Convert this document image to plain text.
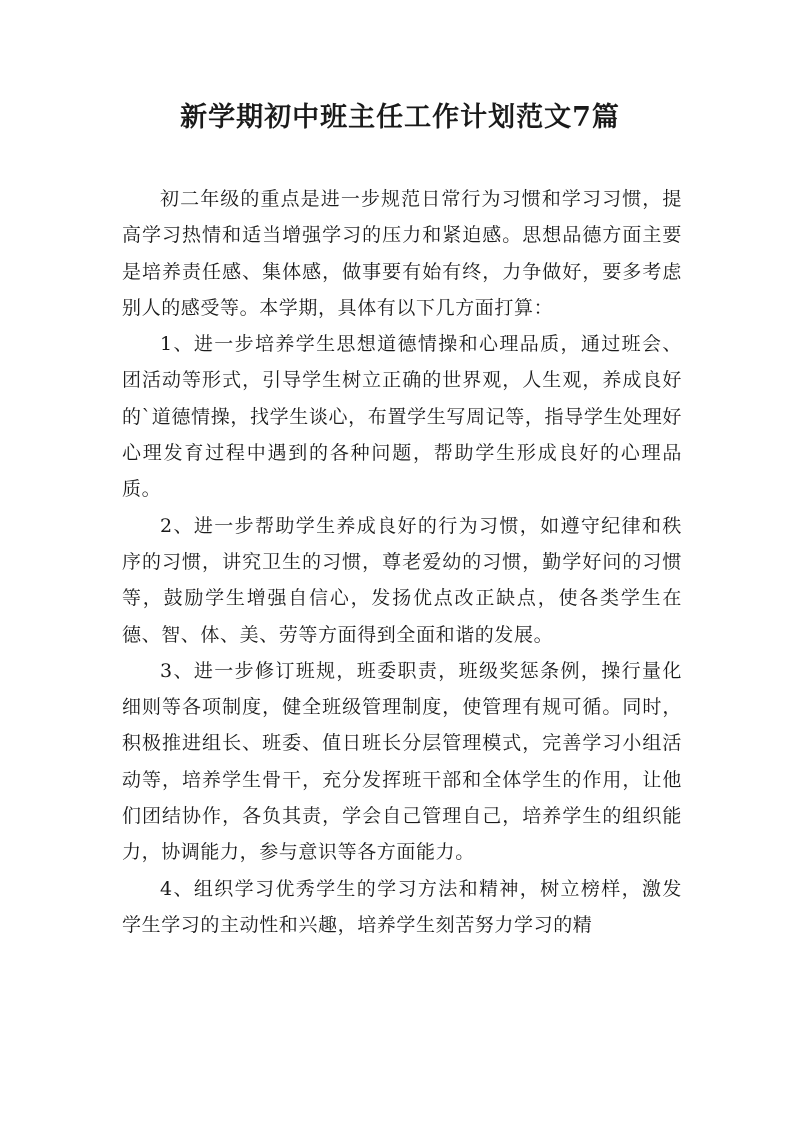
新学期初中班主任工作计划范文7篇

初二年级的重点是进一步规范日常行为习惯和学习习惯，提高学习热情和适当增强学习的压力和紧迫感。思想品德方面主要是培养责任感、集体感，做事要有始有终，力争做好，要多考虑别人的感受等。本学期，具体有以下几方面打算：

1、进一步培养学生思想道德情操和心理品质，通过班会、团活动等形式，引导学生树立正确的世界观，人生观，养成良好的`道德情操，找学生谈心，布置学生写周记等，指导学生处理好心理发育过程中遇到的各种问题，帮助学生形成良好的心理品质。

2、进一步帮助学生养成良好的行为习惯，如遵守纪律和秩序的习惯，讲究卫生的习惯，尊老爱幼的习惯，勤学好问的习惯等，鼓励学生增强自信心，发扬优点改正缺点，使各类学生在德、智、体、美、劳等方面得到全面和谐的发展。

3、进一步修订班规，班委职责，班级奖惩条例，操行量化细则等各项制度，健全班级管理制度，使管理有规可循。同时，积极推进组长、班委、值日班长分层管理模式，完善学习小组活动等，培养学生骨干，充分发挥班干部和全体学生的作用，让他们团结协作，各负其责，学会自己管理自己，培养学生的组织能力，协调能力，参与意识等各方面能力。

4、组织学习优秀学生的学习方法和精神，树立榜样，激发学生学习的主动性和兴趣，培养学生刻苦努力学习的精
